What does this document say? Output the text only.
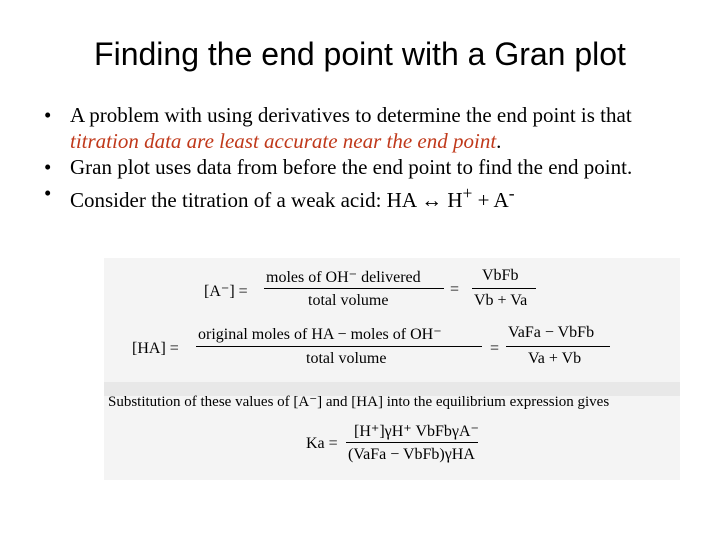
Finding the end point with a Gran plot
• A problem with using derivatives to determine the end point is that titration data are least accurate near the end point.
• Gran plot uses data from before the end point to find the end point.
• Consider the titration of a weak acid: HA ↔ H+ + A-
[A⁻] =
moles of OH⁻ delivered
total volume
=
VbFb
Vb + Va
[HA] =
original moles of HA − moles of OH⁻
total volume
=
VaFa − VbFb
Va + Vb
Substitution of these values of [A⁻] and [HA] into the equilibrium expression gives
Ka =
[H⁺]γH⁺ VbFbγA⁻
(VaFa − VbFb)γHA
